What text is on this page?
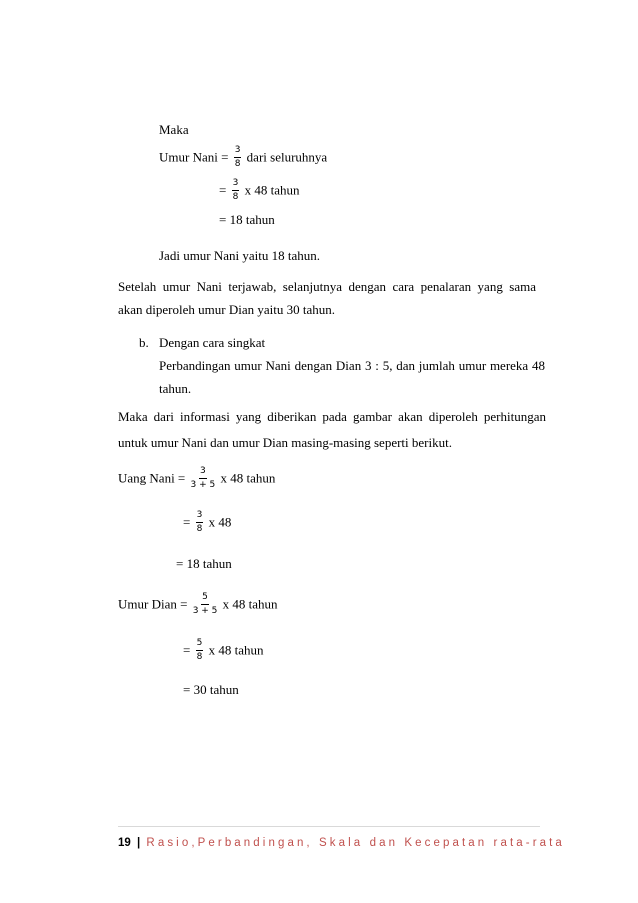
Maka
Umur Nani = $\frac{3}{8}$ dari seluruhnya
= $\frac{3}{8}$ x 48 tahun
= 18 tahun
Jadi umur Nani yaitu 18 tahun.
Setelah umur Nani terjawab, selanjutnya dengan cara penalaran yang sama
akan diperoleh umur Dian yaitu 30 tahun.
b. Dengan cara singkat
Perbandingan umur Nani dengan Dian 3 : 5, dan jumlah umur mereka 48
tahun.
Maka dari informasi yang diberikan pada gambar akan diperoleh perhitungan
untuk umur Nani dan umur Dian masing-masing seperti berikut.
Uang Nani = $\frac{3}{3 + 5}$ x 48 tahun
= $\frac{3}{8}$ x 48
= 18 tahun
Umur Dian = $\frac{5}{3 + 5}$ x 48 tahun
= $\frac{5}{8}$ x 48 tahun
= 30 tahun
19 | Rasio,Perbandingan, Skala dan Kecepatan rata-rata
